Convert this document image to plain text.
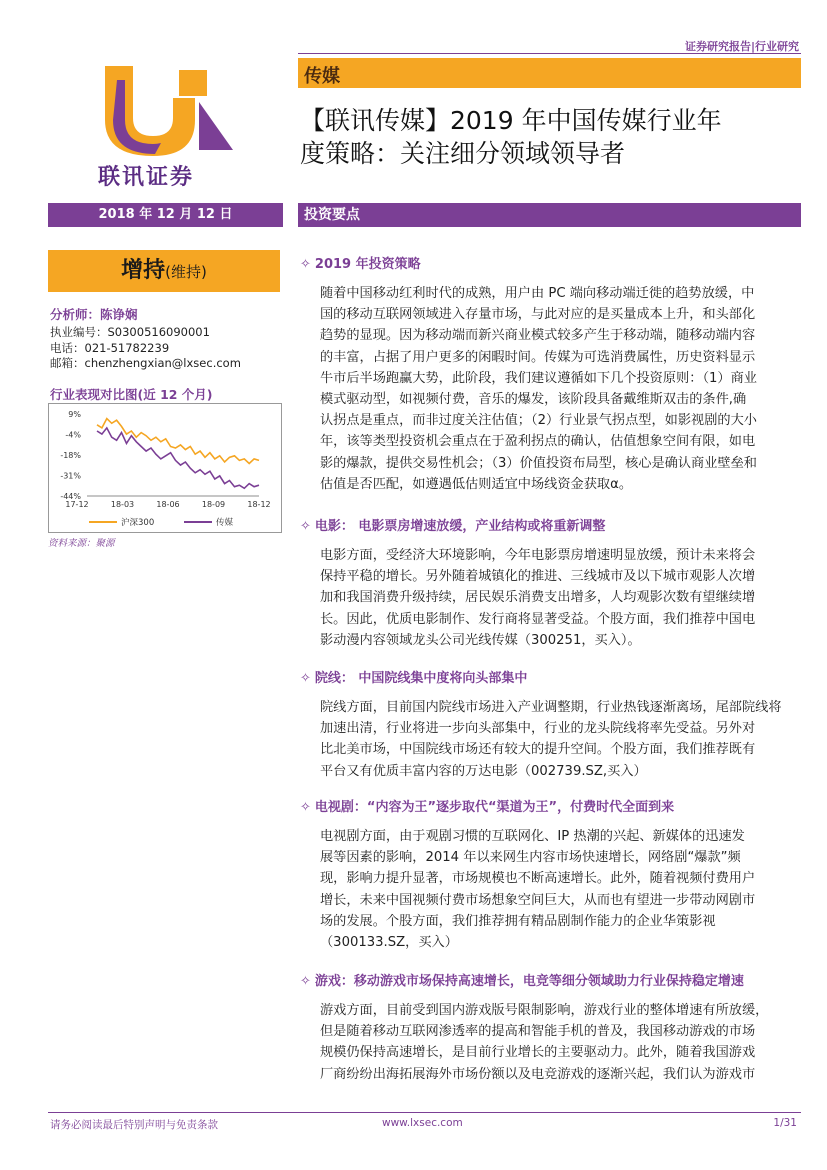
证券研究报告|行业研究
联讯证券
传媒
【联讯传媒】2019 年中国传媒行业年
度策略：关注细分领域领导者
2018 年 12 月 12 日	投资要点
增持(维持)
分析师：陈诤娴
执业编号：S0300516090001
电话：021-51782239
邮箱：chenzhengxian@lxsec.com
行业表现对比图(近 12 个月)
9%
-4%
-18%
-31%
-44%
17-12	18-03	18-06	18-09	18-12
沪深300	传媒
资料来源：聚源
✧ 2019 年投资策略
随着中国移动红利时代的成熟，用户由 PC 端向移动端迁徙的趋势放缓，中
国的移动互联网领域进入存量市场，与此对应的是买量成本上升，和头部化
趋势的显现。因为移动端而新兴商业模式较多产生于移动端，随移动端内容
的丰富，占据了用户更多的闲暇时间。传媒为可选消费属性，历史资料显示
牛市后半场跑赢大势，此阶段，我们建议遵循如下几个投资原则：（1）商业
模式驱动型，如视频付费，音乐的爆发，该阶段具备戴维斯双击的条件,确
认拐点是重点，而非过度关注估值；（2）行业景气拐点型，如影视剧的大小
年，该等类型投资机会重点在于盈利拐点的确认，估值想象空间有限，如电
影的爆款，提供交易性机会；（3）价值投资布局型，核心是确认商业壁垒和
估值是否匹配，如遵遇低估则适宜中场线资金获取α。
✧ 电影： 电影票房增速放缓，产业结构或将重新调整
电影方面，受经济大环境影响，今年电影票房增速明显放缓，预计未来将会
保持平稳的增长。另外随着城镇化的推进、三线城市及以下城市观影人次增
加和我国消费升级持续，居民娱乐消费支出增多，人均观影次数有望继续增
长。因此，优质电影制作、发行商将显著受益。个股方面，我们推荐中国电
影动漫内容领域龙头公司光线传媒（300251，买入）。
✧ 院线： 中国院线集中度将向头部集中
院线方面，目前国内院线市场进入产业调整期，行业热钱逐渐离场，尾部院线将
加速出清，行业将进一步向头部集中，行业的龙头院线将率先受益。另外对
比北美市场，中国院线市场还有较大的提升空间。个股方面，我们推荐既有
平台又有优质丰富内容的万达电影（002739.SZ,买入）
✧ 电视剧：“内容为王”逐步取代“渠道为王”，付费时代全面到来
电视剧方面，由于观剧习惯的互联网化、IP 热潮的兴起、新媒体的迅速发
展等因素的影响，2014 年以来网生内容市场快速增长，网络剧“爆款”频
现，影响力提升显著，市场规模也不断高速增长。此外，随着视频付费用户
增长，未来中国视频付费市场想象空间巨大，从而也有望进一步带动网剧市
场的发展。个股方面，我们推荐拥有精品剧制作能力的企业华策影视
（300133.SZ，买入）
✧ 游戏：移动游戏市场保持高速增长，电竞等细分领域助力行业保持稳定增速
游戏方面，目前受到国内游戏版号限制影响，游戏行业的整体增速有所放缓，
但是随着移动互联网渗透率的提高和智能手机的普及，我国移动游戏的市场
规模仍保持高速增长，是目前行业增长的主要驱动力。此外，随着我国游戏
厂商纷纷出海拓展海外市场份额以及电竞游戏的逐渐兴起，我们认为游戏市
请务必阅读最后特别声明与免责条款	www.lxsec.com	1/31
